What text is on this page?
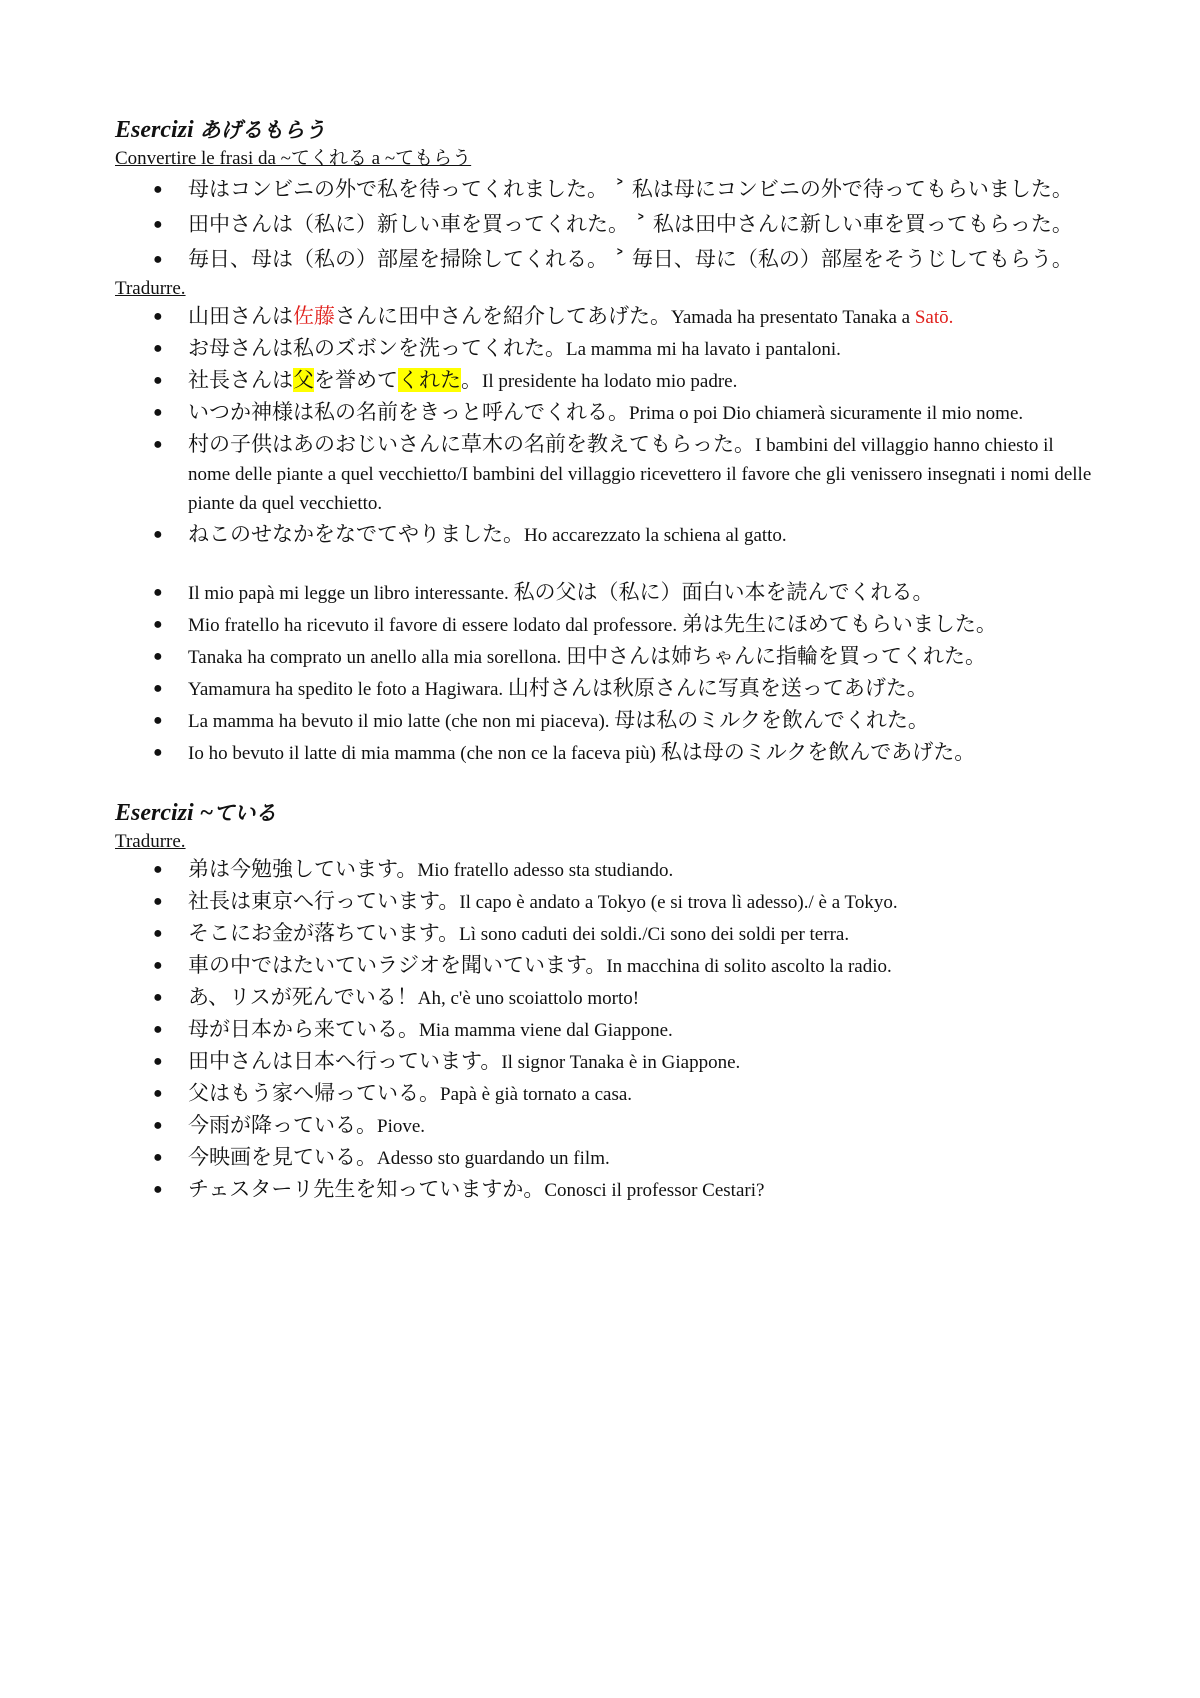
Esercizi あげるもらう
Convertire le frasi da ~てくれる a ~てもらう
● 母はコンビニの外で私を待ってくれました。 ˃ 私は母にコンビニの外で待ってもらいました。
● 田中さんは（私に）新しい車を買ってくれた。 ˃ 私は田中さんに新しい車を買ってもらった。
● 毎日、母は（私の）部屋を掃除してくれる。 ˃ 毎日、母に（私の）部屋をそうじしてもらう。
Tradurre.
● 山田さんは佐藤さんに田中さんを紹介してあげた。Yamada ha presentato Tanaka a Satō.
● お母さんは私のズボンを洗ってくれた。La mamma mi ha lavato i pantaloni.
● 社長さんは父を誉めてくれた。Il presidente ha lodato mio padre.
● いつか神様は私の名前をきっと呼んでくれる。Prima o poi Dio chiamerà sicuramente il mio nome.
● 村の子供はあのおじいさんに草木の名前を教えてもらった。I bambini del villaggio hanno chiesto il nome delle piante a quel vecchietto/I bambini del villaggio ricevettero il favore che gli venissero insegnati i nomi delle piante da quel vecchietto.
● ねこのせなかをなでてやりました。Ho accarezzato la schiena al gatto.
● Il mio papà mi legge un libro interessante. 私の父は（私に）面白い本を読んでくれる。
● Mio fratello ha ricevuto il favore di essere lodato dal professore. 弟は先生にほめてもらいました。
● Tanaka ha comprato un anello alla mia sorellona. 田中さんは姉ちゃんに指輪を買ってくれた。
● Yamamura ha spedito le foto a Hagiwara. 山村さんは秋原さんに写真を送ってあげた。
● La mamma ha bevuto il mio latte (che non mi piaceva). 母は私のミルクを飲んでくれた。
● Io ho bevuto il latte di mia mamma (che non ce la faceva più) 私は母のミルクを飲んであげた。
Esercizi ~ている
Tradurre.
● 弟は今勉強しています。Mio fratello adesso sta studiando.
● 社長は東京へ行っています。Il capo è andato a Tokyo (e si trova lì adesso)./ è a Tokyo.
● そこにお金が落ちています。Lì sono caduti dei soldi./Ci sono dei soldi per terra.
● 車の中ではたいていラジオを聞いています。In macchina di solito ascolto la radio.
● あ、リスが死んでいる！Ah, c'è uno scoiattolo morto!
● 母が日本から来ている。Mia mamma viene dal Giappone.
● 田中さんは日本へ行っています。Il signor Tanaka è in Giappone.
● 父はもう家へ帰っている。Papà è già tornato a casa.
● 今雨が降っている。Piove.
● 今映画を見ている。Adesso sto guardando un film.
● チェスターリ先生を知っていますか。Conosci il professor Cestari?
